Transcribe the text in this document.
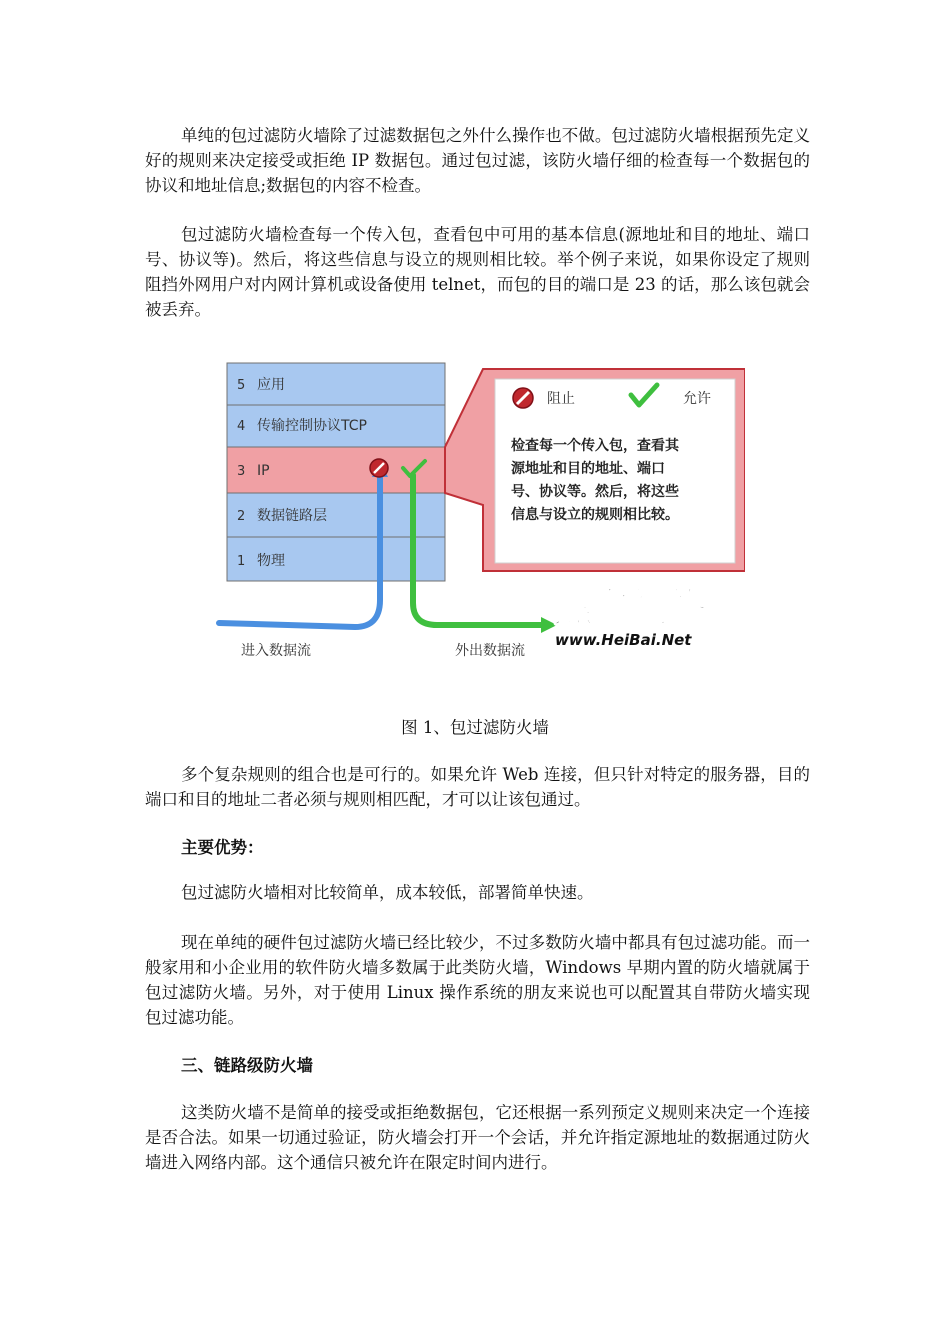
单纯的包过滤防火墙除了过滤数据包之外什么操作也不做。包过滤防火墙根据预先定义好的规则来决定接受或拒绝 IP 数据包。通过包过滤，该防火墙仔细的检查每一个数据包的协议和地址信息;数据包的内容不检查。

包过滤防火墙检查每一个传入包，查看包中可用的基本信息(源地址和目的地址、端口号、协议等)。然后，将这些信息与设立的规则相比较。举个例子来说，如果你设定了规则阻挡外网用户对内网计算机或设备使用 telnet，而包的目的端口是 23 的话，那么该包就会被丢弃。

5 应用
4 传输控制协议TCP
3 IP
2 数据链路层
1 物理
阻止	允许
检查每一个传入包，查看其
源地址和目的地址、端口
号、协议等。然后，将这些
信息与设立的规则相比较。
进入数据流	外出数据流
黑白網絡
www.HeiBai.Net
图 1、包过滤防火墙

多个复杂规则的组合也是可行的。如果允许 Web 连接，但只针对特定的服务器，目的端口和目的地址二者必须与规则相匹配，才可以让该包通过。

主要优势：

包过滤防火墙相对比较简单，成本较低，部署简单快速。

现在单纯的硬件包过滤防火墙已经比较少，不过多数防火墙中都具有包过滤功能。而一般家用和小企业用的软件防火墙多数属于此类防火墙，Windows 早期内置的防火墙就属于包过滤防火墙。另外，对于使用 Linux 操作系统的朋友来说也可以配置其自带防火墙实现包过滤功能。

三、链路级防火墙

这类防火墙不是简单的接受或拒绝数据包，它还根据一系列预定义规则来决定一个连接是否合法。如果一切通过验证，防火墙会打开一个会话，并允许指定源地址的数据通过防火墙进入网络内部。这个通信只被允许在限定时间内进行。
